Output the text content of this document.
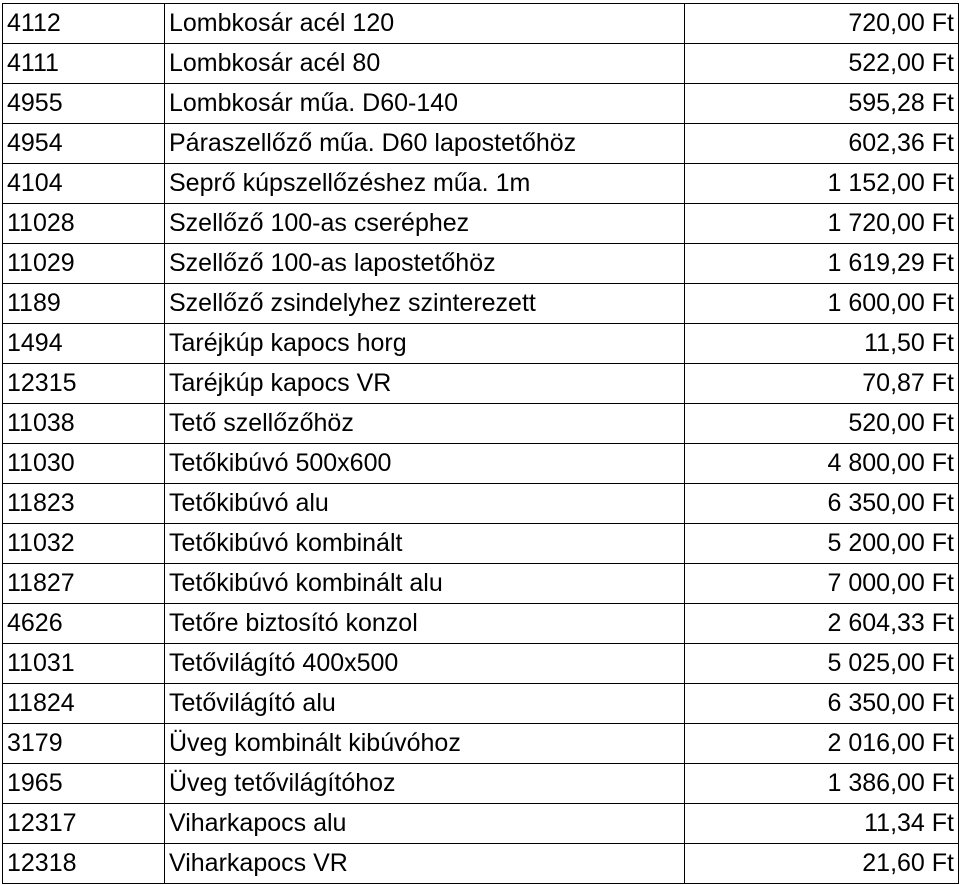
4112	Lombkosár acél 120	720,00 Ft
4111	Lombkosár acél 80	522,00 Ft
4955	Lombkosár műa. D60-140	595,28 Ft
4954	Páraszellőző műa. D60 lapostetőhöz	602,36 Ft
4104	Seprő kúpszellőzéshez műa. 1m	1 152,00 Ft
11028	Szellőző 100-as cseréphez	1 720,00 Ft
11029	Szellőző 100-as lapostetőhöz	1 619,29 Ft
1189	Szellőző zsindelyhez szinterezett	1 600,00 Ft
1494	Taréjkúp kapocs horg	11,50 Ft
12315	Taréjkúp kapocs VR	70,87 Ft
11038	Tető szellőzőhöz	520,00 Ft
11030	Tetőkibúvó 500x600	4 800,00 Ft
11823	Tetőkibúvó alu	6 350,00 Ft
11032	Tetőkibúvó kombinált	5 200,00 Ft
11827	Tetőkibúvó kombinált alu	7 000,00 Ft
4626	Tetőre biztosító konzol	2 604,33 Ft
11031	Tetővilágító 400x500	5 025,00 Ft
11824	Tetővilágító alu	6 350,00 Ft
3179	Üveg kombinált kibúvóhoz	2 016,00 Ft
1965	Üveg tetővilágítóhoz	1 386,00 Ft
12317	Viharkapocs alu	11,34 Ft
12318	Viharkapocs VR	21,60 Ft
